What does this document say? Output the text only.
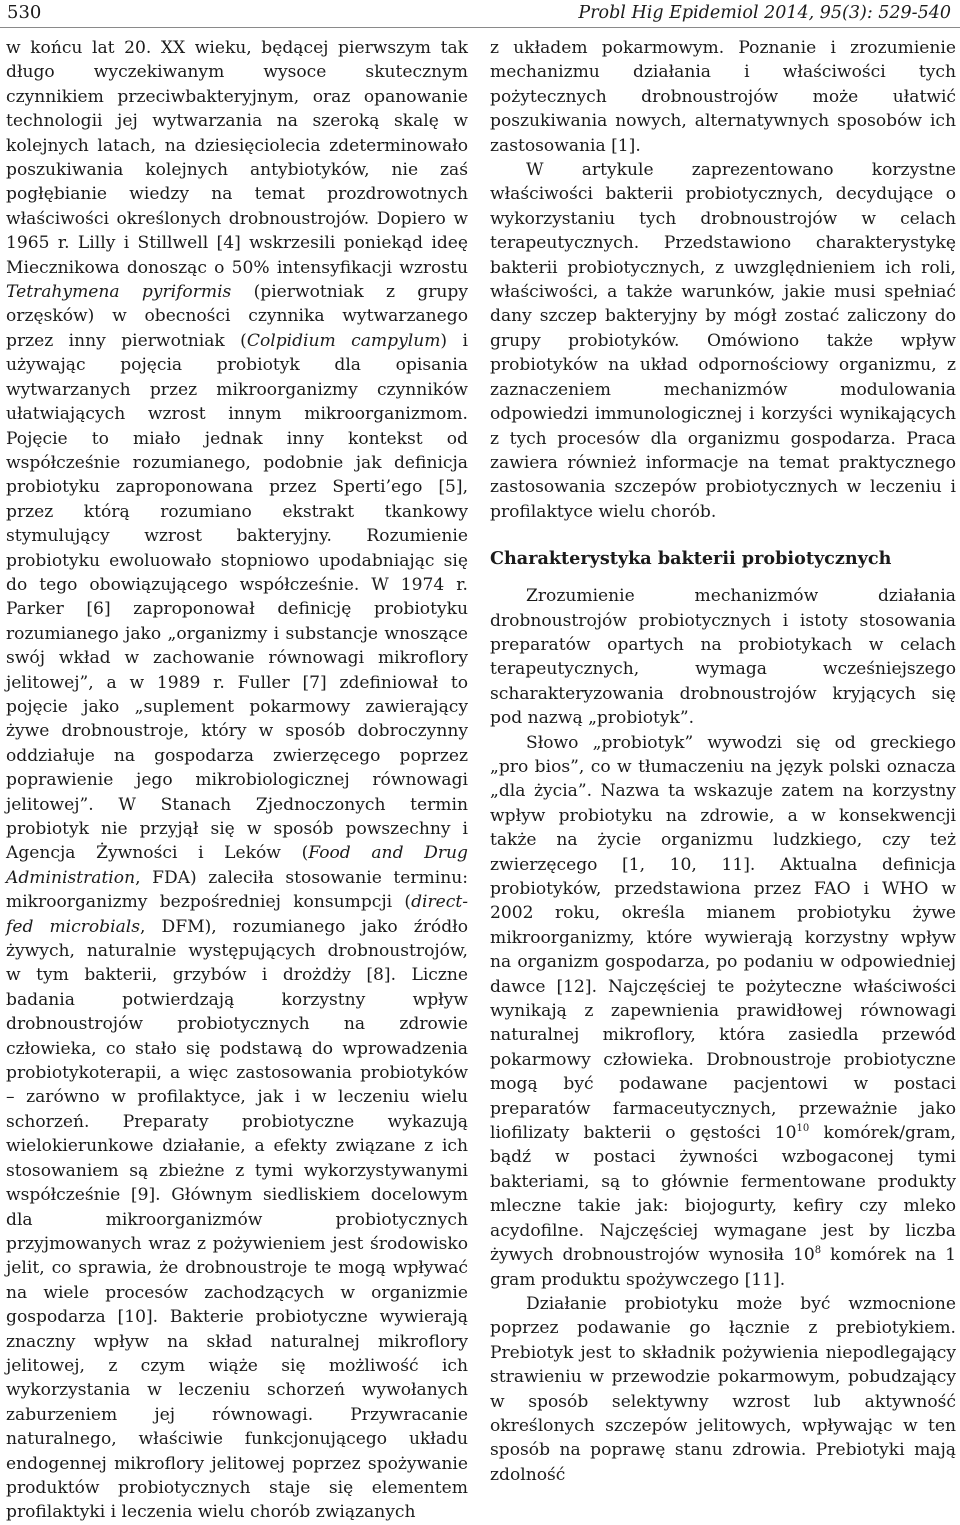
530	Probl Hig Epidemiol 2014, 95(3): 529-540

w końcu lat 20. XX wieku, będącej pierwszym tak długo wyczekiwanym wysoce skutecznym czynnikiem przeciwbakteryjnym, oraz opanowanie technologii jej wytwarzania na szeroką skalę w kolejnych latach, na dziesięciolecia zdeterminowało poszukiwania kolejnych antybiotyków, nie zaś pogłębianie wiedzy na temat prozdrowotnych właściwości określonych drobnoustrojów. Dopiero w 1965 r. Lilly i Stillwell [4] wskrzesili poniekąd ideę Miecznikowa donosząc o 50% intensyfikacji wzrostu Tetrahymena pyriformis (pierwotniak z grupy orzęsków) w obecności czynnika wytwarzanego przez inny pierwotniak (Colpidium campylum) i używając pojęcia probiotyk dla opisania wytwarzanych przez mikroorganizmy czynników ułatwiających wzrost innym mikroorganizmom. Pojęcie to miało jednak inny kontekst od współcześnie rozumianego, podobnie jak definicja probiotyku zaproponowana przez Sperti’ego [5], przez którą rozumiano ekstrakt tkankowy stymulujący wzrost bakteryjny. Rozumienie probiotyku ewoluowało stopniowo upodabniając się do tego obowiązującego współcześnie. W 1974 r. Parker [6] zaproponował definicję probiotyku rozumianego jako „organizmy i substancje wnoszące swój wkład w zachowanie równowagi mikroflory jelitowej”, a w 1989 r. Fuller [7] zdefiniował to pojęcie jako „suplement pokarmowy zawierający żywe drobnoustroje, który w sposób dobroczynny oddziałuje na gospodarza zwierzęcego poprzez poprawienie jego mikrobiologicznej równowagi jelitowej”. W Stanach Zjednoczonych termin probiotyk nie przyjął się w sposób powszechny i Agencja Żywności i Leków (Food and Drug Administration, FDA) zaleciła stosowanie terminu: mikroorganizmy bezpośredniej konsumpcji (direct-fed microbials, DFM), rozumianego jako źródło żywych, naturalnie występujących drobnoustrojów, w tym bakterii, grzybów i drożdży [8]. Liczne badania potwierdzają korzystny wpływ drobnoustrojów probiotycznych na zdrowie człowieka, co stało się podstawą do wprowadzenia probiotykoterapii, a więc zastosowania probiotyków – zarówno w profilaktyce, jak i w leczeniu wielu schorzeń. Preparaty probiotyczne wykazują wielokierunkowe działanie, a efekty związane z ich stosowaniem są zbieżne z tymi wykorzystywanymi współcześnie [9]. Głównym siedliskiem docelowym dla mikroorganizmów probiotycznych przyjmowanych wraz z pożywieniem jest środowisko jelit, co sprawia, że drobnoustroje te mogą wpływać na wiele procesów zachodzących w organizmie gospodarza [10]. Bakterie probiotyczne wywierają znaczny wpływ na skład naturalnej mikroflory jelitowej, z czym wiąże się możliwość ich wykorzystania w leczeniu schorzeń wywołanych zaburzeniem jej równowagi. Przywracanie naturalnego, właściwie funkcjonującego układu endogennej mikroflory jelitowej poprzez spożywanie produktów probiotycznych staje się elementem profilaktyki i leczenia wielu chorób związanych

z układem pokarmowym. Poznanie i zrozumienie mechanizmu działania i właściwości tych pożytecznych drobnoustrojów może ułatwić poszukiwania nowych, alternatywnych sposobów ich zastosowania [1].

W artykule zaprezentowano korzystne właściwości bakterii probiotycznych, decydujące o wykorzystaniu tych drobnoustrojów w celach terapeutycznych. Przedstawiono charakterystykę bakterii probiotycznych, z uwzględnieniem ich roli, właściwości, a także warunków, jakie musi spełniać dany szczep bakteryjny by mógł zostać zaliczony do grupy probiotyków. Omówiono także wpływ probiotyków na układ odpornościowy organizmu, z zaznaczeniem mechanizmów modulowania odpowiedzi immunologicznej i korzyści wynikających z tych procesów dla organizmu gospodarza. Praca zawiera również informacje na temat praktycznego zastosowania szczepów probiotycznych w leczeniu i profilaktyce wielu chorób.

Charakterystyka bakterii probiotycznych

Zrozumienie mechanizmów działania drobnoustrojów probiotycznych i istoty stosowania preparatów opartych na probiotykach w celach terapeutycznych, wymaga wcześniejszego scharakteryzowania drobnoustrojów kryjących się pod nazwą „probiotyk”.

Słowo „probiotyk” wywodzi się od greckiego „pro bios”, co w tłumaczeniu na język polski oznacza „dla życia”. Nazwa ta wskazuje zatem na korzystny wpływ probiotyku na zdrowie, a w konsekwencji także na życie organizmu ludzkiego, czy też zwierzęcego [1, 10, 11]. Aktualna definicja probiotyków, przedstawiona przez FAO i WHO w 2002 roku, określa mianem probiotyku żywe mikroorganizmy, które wywierają korzystny wpływ na organizm gospodarza, po podaniu w odpowiedniej dawce [12]. Najczęściej te pożyteczne właściwości wynikają z zapewnienia prawidłowej równowagi naturalnej mikroflory, która zasiedla przewód pokarmowy człowieka. Drobnoustroje probiotyczne mogą być podawane pacjentowi w postaci preparatów farmaceutycznych, przeważnie jako liofilizaty bakterii o gęstości $10^{10}$ komórek/gram, bądź w postaci żywności wzbogaconej tymi bakteriami, są to głównie fermentowane produkty mleczne takie jak: biojogurty, kefiry czy mleko acydofilne. Najczęściej wymagane jest by liczba żywych drobnoustrojów wynosiła $10^8$ komórek na 1 gram produktu spożywczego [11].

Działanie probiotyku może być wzmocnione poprzez podawanie go łącznie z prebiotykiem. Prebiotyk jest to składnik pożywienia niepodlegający strawieniu w przewodzie pokarmowym, pobudzający w sposób selektywny wzrost lub aktywność określonych szczepów jelitowych, wpływając w ten sposób na poprawę stanu zdrowia. Prebiotyki mają zdolność
